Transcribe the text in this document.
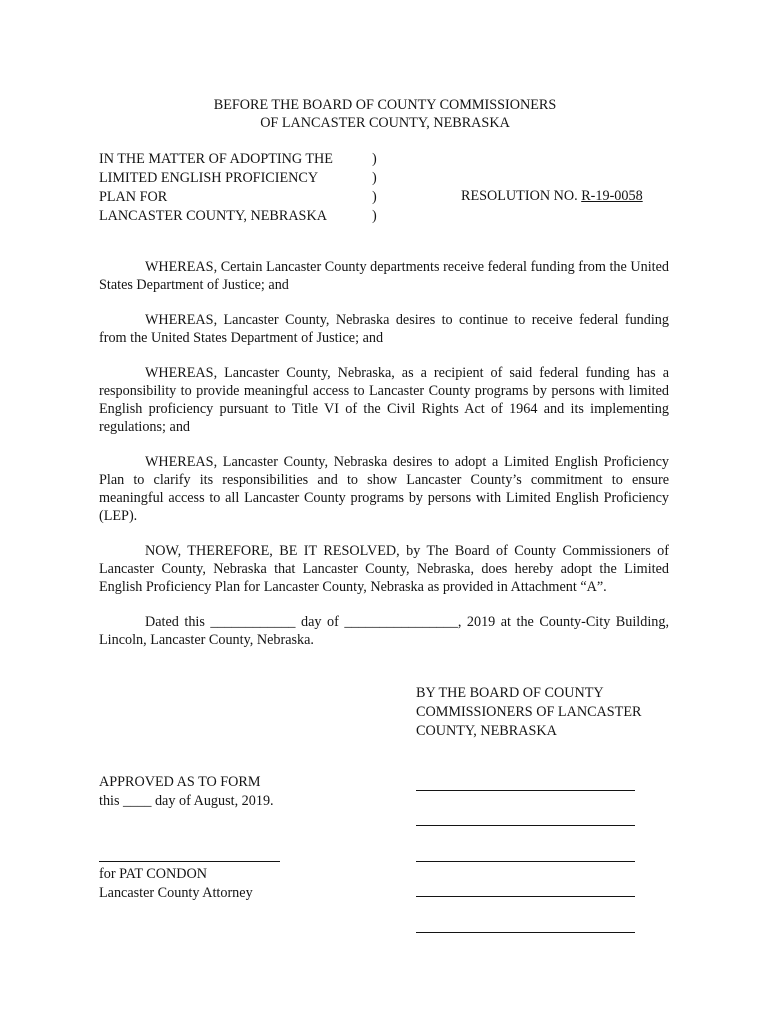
BEFORE THE BOARD OF COUNTY COMMISSIONERS
OF LANCASTER COUNTY, NEBRASKA
IN THE MATTER OF ADOPTING THE	)
LIMITED ENGLISH PROFICIENCY	)
PLAN FOR	)
LANCASTER COUNTY, NEBRASKA	)
RESOLUTION NO. R-19-0058

WHEREAS, Certain Lancaster County departments receive federal funding from the United States Department of Justice; and

WHEREAS, Lancaster County, Nebraska desires to continue to receive federal funding from the United States Department of Justice; and

WHEREAS, Lancaster County, Nebraska, as a recipient of said federal funding has a responsibility to provide meaningful access to Lancaster County programs by persons with limited English proficiency pursuant to Title VI of the Civil Rights Act of 1964 and its implementing regulations; and

WHEREAS, Lancaster County, Nebraska desires to adopt a Limited English Proficiency Plan to clarify its responsibilities and to show Lancaster County’s commitment to ensure meaningful access to all Lancaster County programs by persons with Limited English Proficiency (LEP).

NOW, THEREFORE, BE IT RESOLVED, by The Board of County Commissioners of Lancaster County, Nebraska that Lancaster County, Nebraska, does hereby adopt the Limited English Proficiency Plan for Lancaster County, Nebraska as provided in Attachment “A”.

Dated this ____________ day of ________________, 2019 at the County-City Building, Lincoln, Lancaster County, Nebraska.

BY THE BOARD OF COUNTY
COMMISSIONERS OF LANCASTER
COUNTY, NEBRASKA
APPROVED AS TO FORM
this ____ day of August, 2019.
for PAT CONDON
Lancaster County Attorney
